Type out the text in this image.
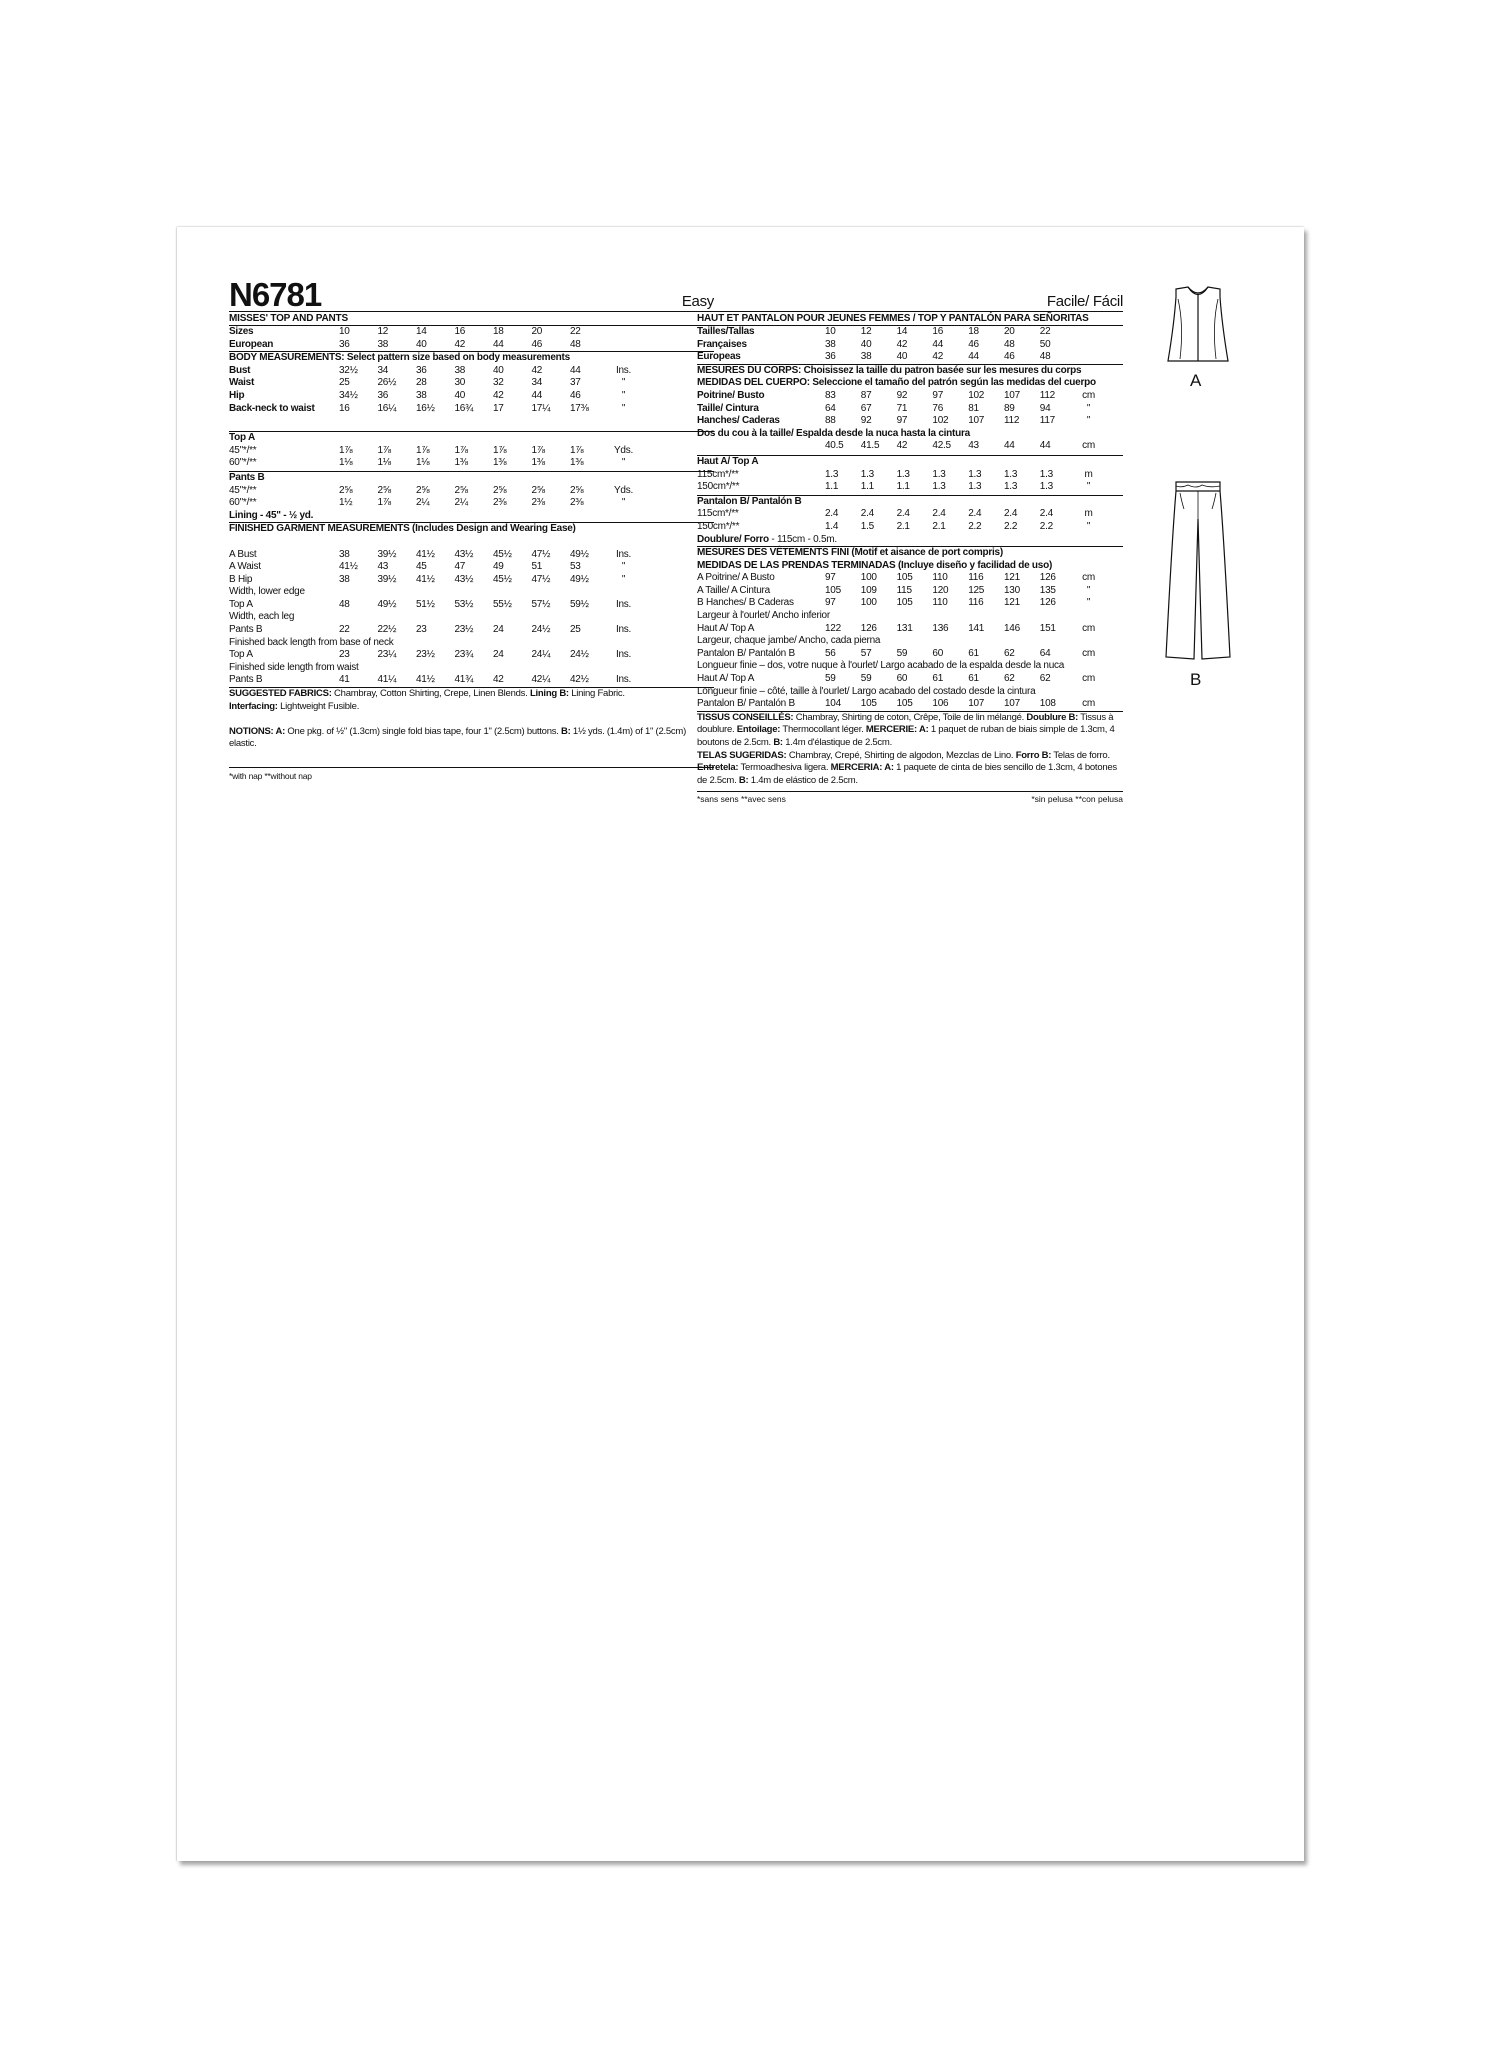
N6781	Easy
MISSES' TOP AND PANTS
Sizes	10	12	14	16	18	20	22
European	36	38	40	42	44	46	48
BODY MEASUREMENTS: Select pattern size based on body measurements
Bust	32½	34	36	38	40	42	44	Ins.
Waist	25	26½	28	30	32	34	37	"
Hip	34½	36	38	40	42	44	46	"
Back-neck to waist	16	16¼	16½	16¾	17	17¼	17⅜	"
Top A
45"*/**	1⅞	1⅞	1⅞	1⅞	1⅞	1⅞	1⅞	Yds.
60"*/**	1⅛	1⅛	1⅛	1⅜	1⅜	1⅜	1⅜	"
Pants B
45"*/**	2⅝	2⅝	2⅝	2⅝	2⅝	2⅝	2⅝	Yds.
60"*/**	1½	1⅞	2¼	2¼	2⅜	2⅜	2⅜	"
Lining - 45" - ½ yd.
FINISHED GARMENT MEASUREMENTS (Includes Design and Wearing Ease)
A Bust	38	39½	41½	43½	45½	47½	49½	Ins.
A Waist	41½	43	45	47	49	51	53	"
B Hip	38	39½	41½	43½	45½	47½	49½	"
Width, lower edge
Top A	48	49½	51½	53½	55½	57½	59½	Ins.
Width, each leg
Pants B	22	22½	23	23½	24	24½	25	Ins.
Finished back length from base of neck
Top A	23	23¼	23½	23¾	24	24¼	24½	Ins.
Finished side length from waist
Pants B	41	41¼	41½	41¾	42	42¼	42½	Ins.
SUGGESTED FABRICS: Chambray, Cotton Shirting, Crepe, Linen Blends. Lining B: Lining Fabric.
Interfacing: Lightweight Fusible.
NOTIONS: A: One pkg. of ½" (1.3cm) single fold bias tape, four 1" (2.5cm) buttons. B: 1½ yds. (1.4m) of 1" (2.5cm) elastic.
*with nap **without nap
Facile/ Fácil
HAUT ET PANTALON POUR JEUNES FEMMES / TOP Y PANTALÓN PARA SEÑORITAS
Tailles/Tallas	10	12	14	16	18	20	22
Françaises	38	40	42	44	46	48	50
Europeas	36	38	40	42	44	46	48
MESURES DU CORPS: Choisissez la taille du patron basée sur les mesures du corps
MEDIDAS DEL CUERPO: Seleccione el tamaño del patrón según las medidas del cuerpo
Poitrine/ Busto	83	87	92	97	102	107	112	cm
Taille/ Cintura	64	67	71	76	81	89	94	"
Hanches/ Caderas	88	92	97	102	107	112	117	"
Dos du cou à la taille/ Espalda desde la nuca hasta la cintura
40.5	41.5	42	42.5	43	44	44	cm
Haut A/ Top A
115cm*/**	1.3	1.3	1.3	1.3	1.3	1.3	1.3	m
150cm*/**	1.1	1.1	1.1	1.3	1.3	1.3	1.3	"
Pantalon B/ Pantalón B
115cm*/**	2.4	2.4	2.4	2.4	2.4	2.4	2.4	m
150cm*/**	1.4	1.5	2.1	2.1	2.2	2.2	2.2	"
Doublure/ Forro - 115cm - 0.5m.
MESURES DES VÊTEMENTS FINI (Motif et aisance de port compris)
MEDIDAS DE LAS PRENDAS TERMINADAS (Incluye diseño y facilidad de uso)
A Poitrine/ A Busto	97	100	105	110	116	121	126	cm
A Taille/ A Cintura	105	109	115	120	125	130	135	"
B Hanches/ B Caderas	97	100	105	110	116	121	126	"
Largeur à l'ourlet/ Ancho inferior
Haut A/ Top A	122	126	131	136	141	146	151	cm
Largeur, chaque jambe/ Ancho, cada pierna
Pantalon B/ Pantalón B	56	57	59	60	61	62	64	cm
Longueur finie – dos, votre nuque à l'ourlet/ Largo acabado de la espalda desde la nuca
Haut A/ Top A	59	59	60	61	61	62	62	cm
Longueur finie – côté, taille à l'ourlet/ Largo acabado del costado desde la cintura
Pantalon B/ Pantalón B	104	105	105	106	107	107	108	cm
TISSUS CONSEILLÉS: Chambray, Shirting de coton, Crêpe, Toile de lin mélangé. Doublure B: Tissus à doublure. Entoilage: Thermocollant léger. MERCERIE: A: 1 paquet de ruban de biais simple de 1.3cm, 4 boutons de 2.5cm. B: 1.4m d'élastique de 2.5cm.
TELAS SUGERIDAS: Chambray, Crepé, Shirting de algodon, Mezclas de Lino. Forro B: Telas de forro.
Entretela: Termoadhesiva ligera. MERCERIA: A: 1 paquete de cinta de bies sencillo de 1.3cm, 4 botones de 2.5cm. B: 1.4m de elástico de 2.5cm.
*sans sens **avec sens	*sin pelusa **con pelusa
A
B
